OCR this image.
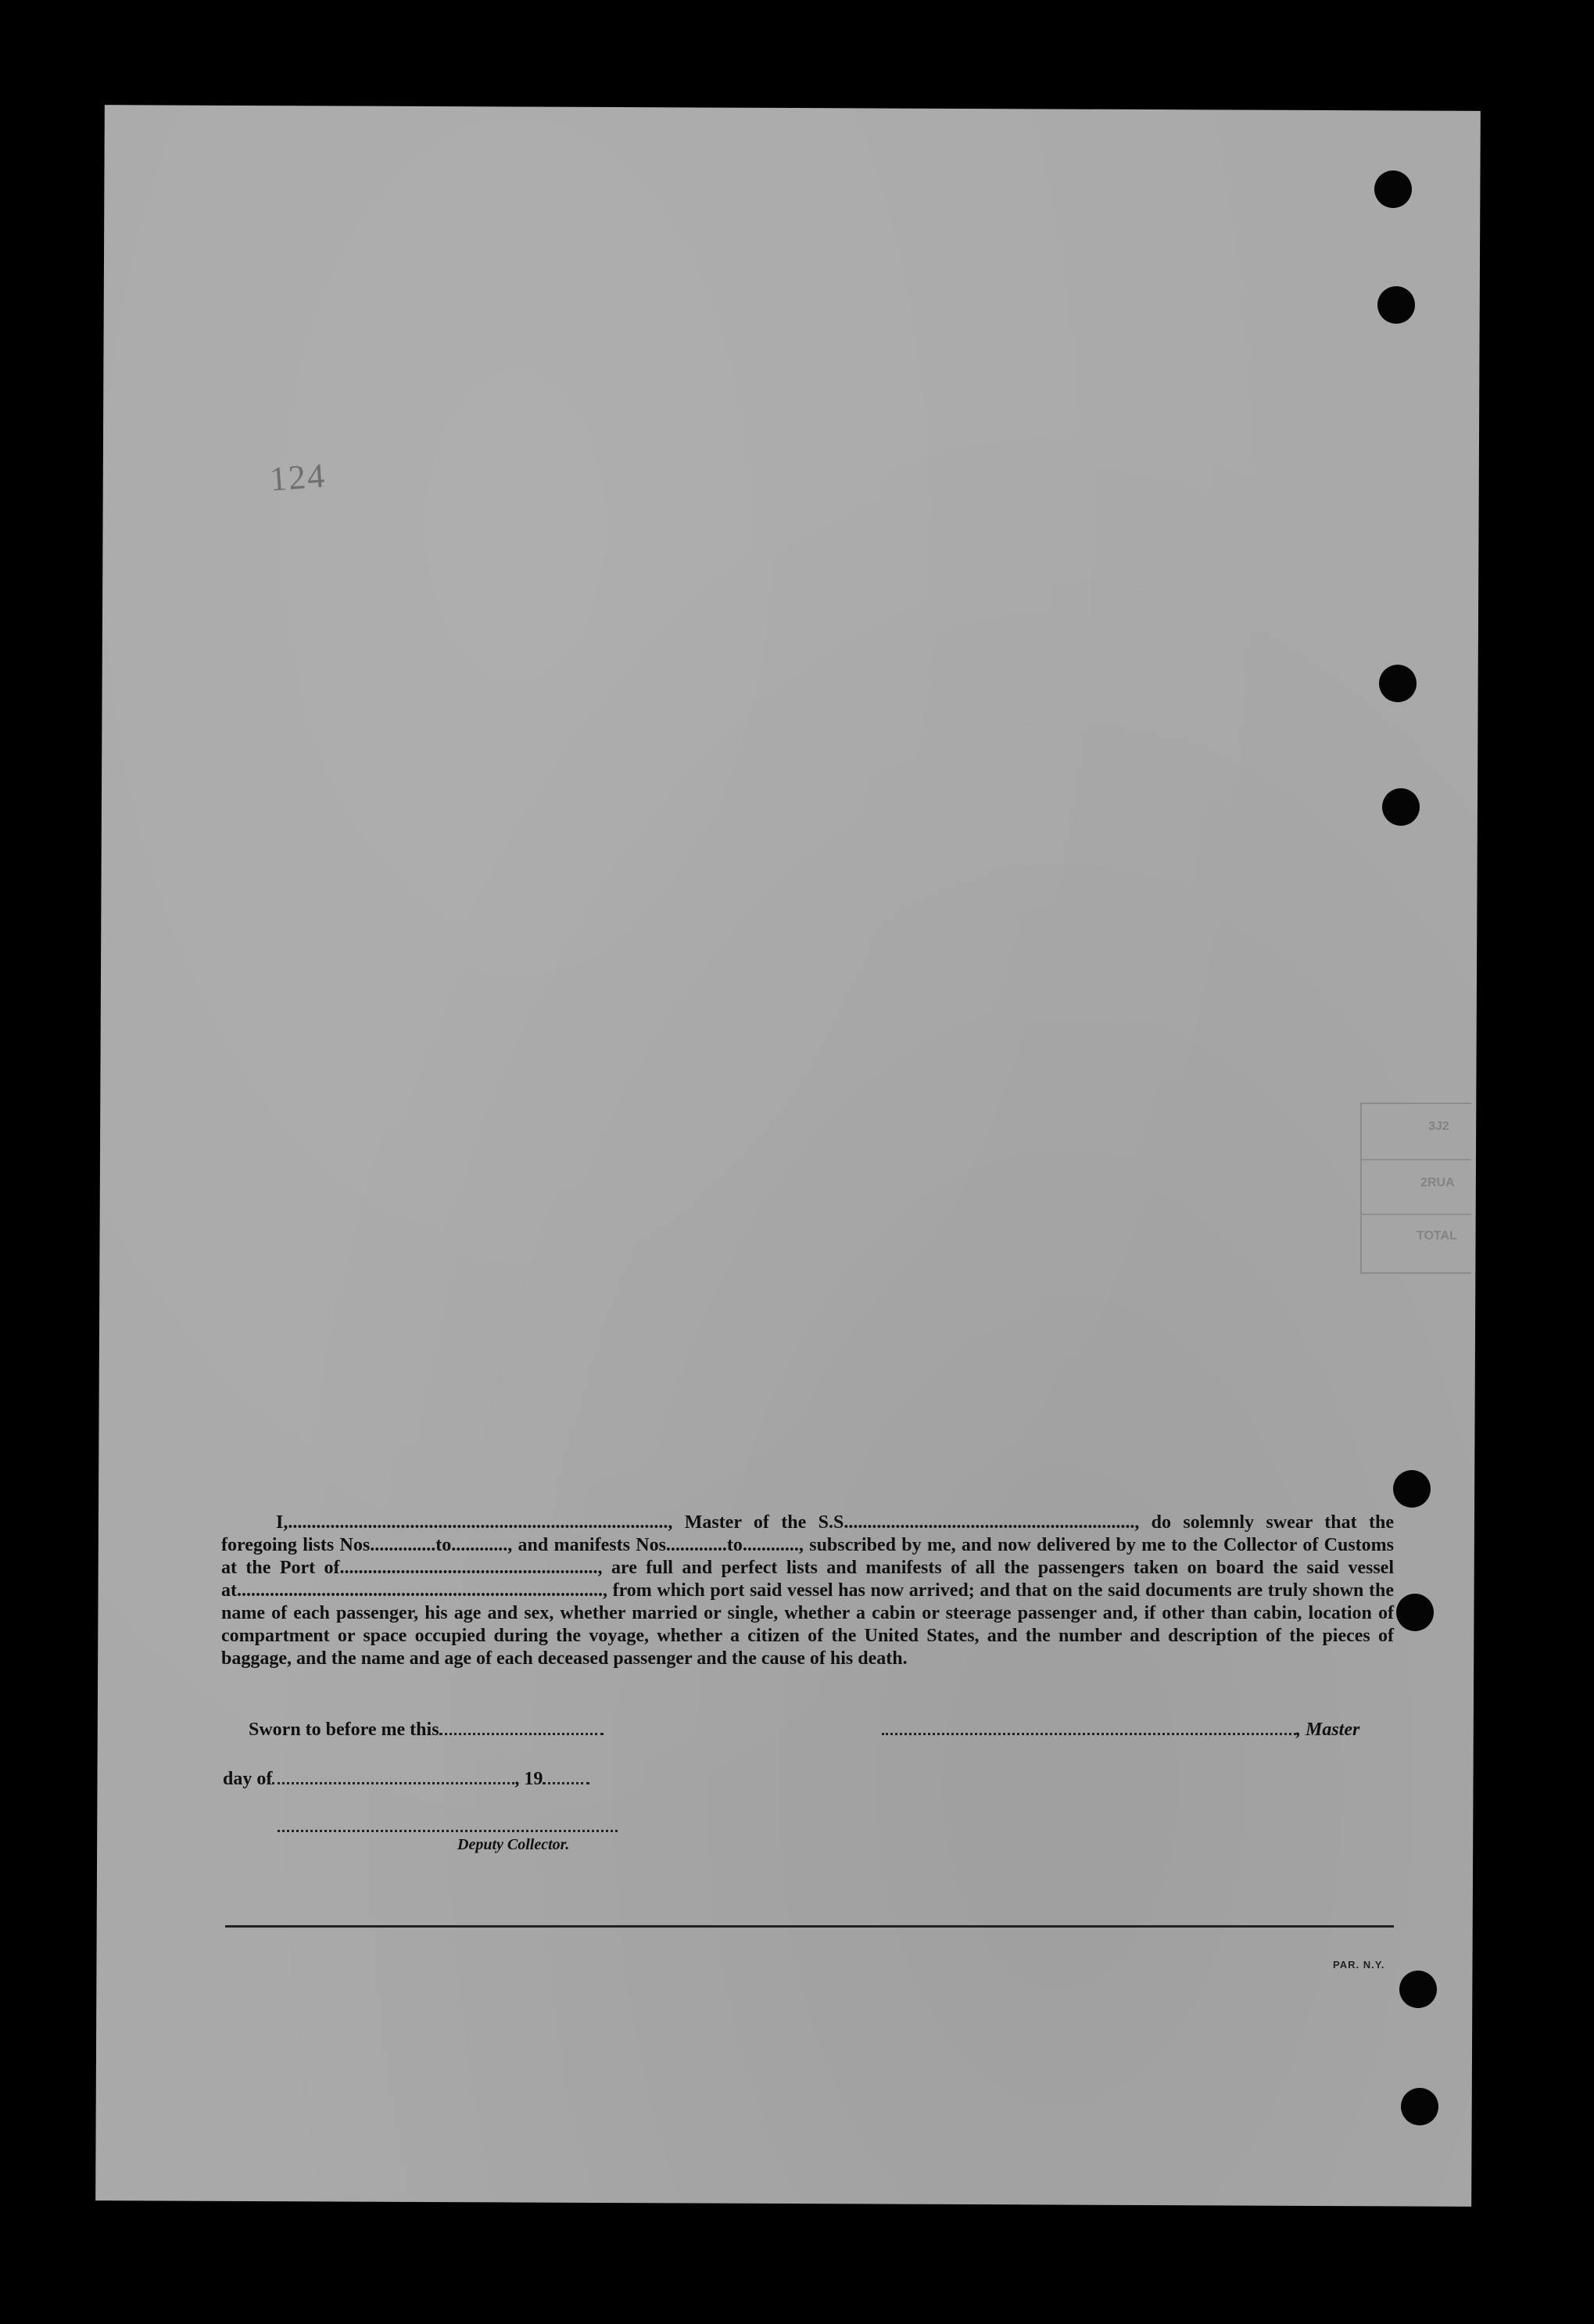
124
3J2
2RUA
TOTAL

I,................................................................................., Master of the S.S.............................................................., do solemnly swear that the foregoing lists Nos..............to............, and manifests Nos.............to............, subscribed by me, and now delivered by me to the Collector of Customs at the Port of......................................................., are full and perfect lists and manifests of all the passengers taken on board the said vessel at.............................................................................., from which port said vessel has now arrived; and that on the said documents are truly shown the name of each passenger, his age and sex, whether married or single, whether a cabin or steerage passenger and, if other than cabin, location of compartment or space occupied during the voyage, whether a citizen of the United States, and the number and description of the pieces of baggage, and the name and age of each deceased passenger and the cause of his death.

Sworn to before me this	, Master
day of	, 19
Deputy Collector.
PAR. N.Y.
